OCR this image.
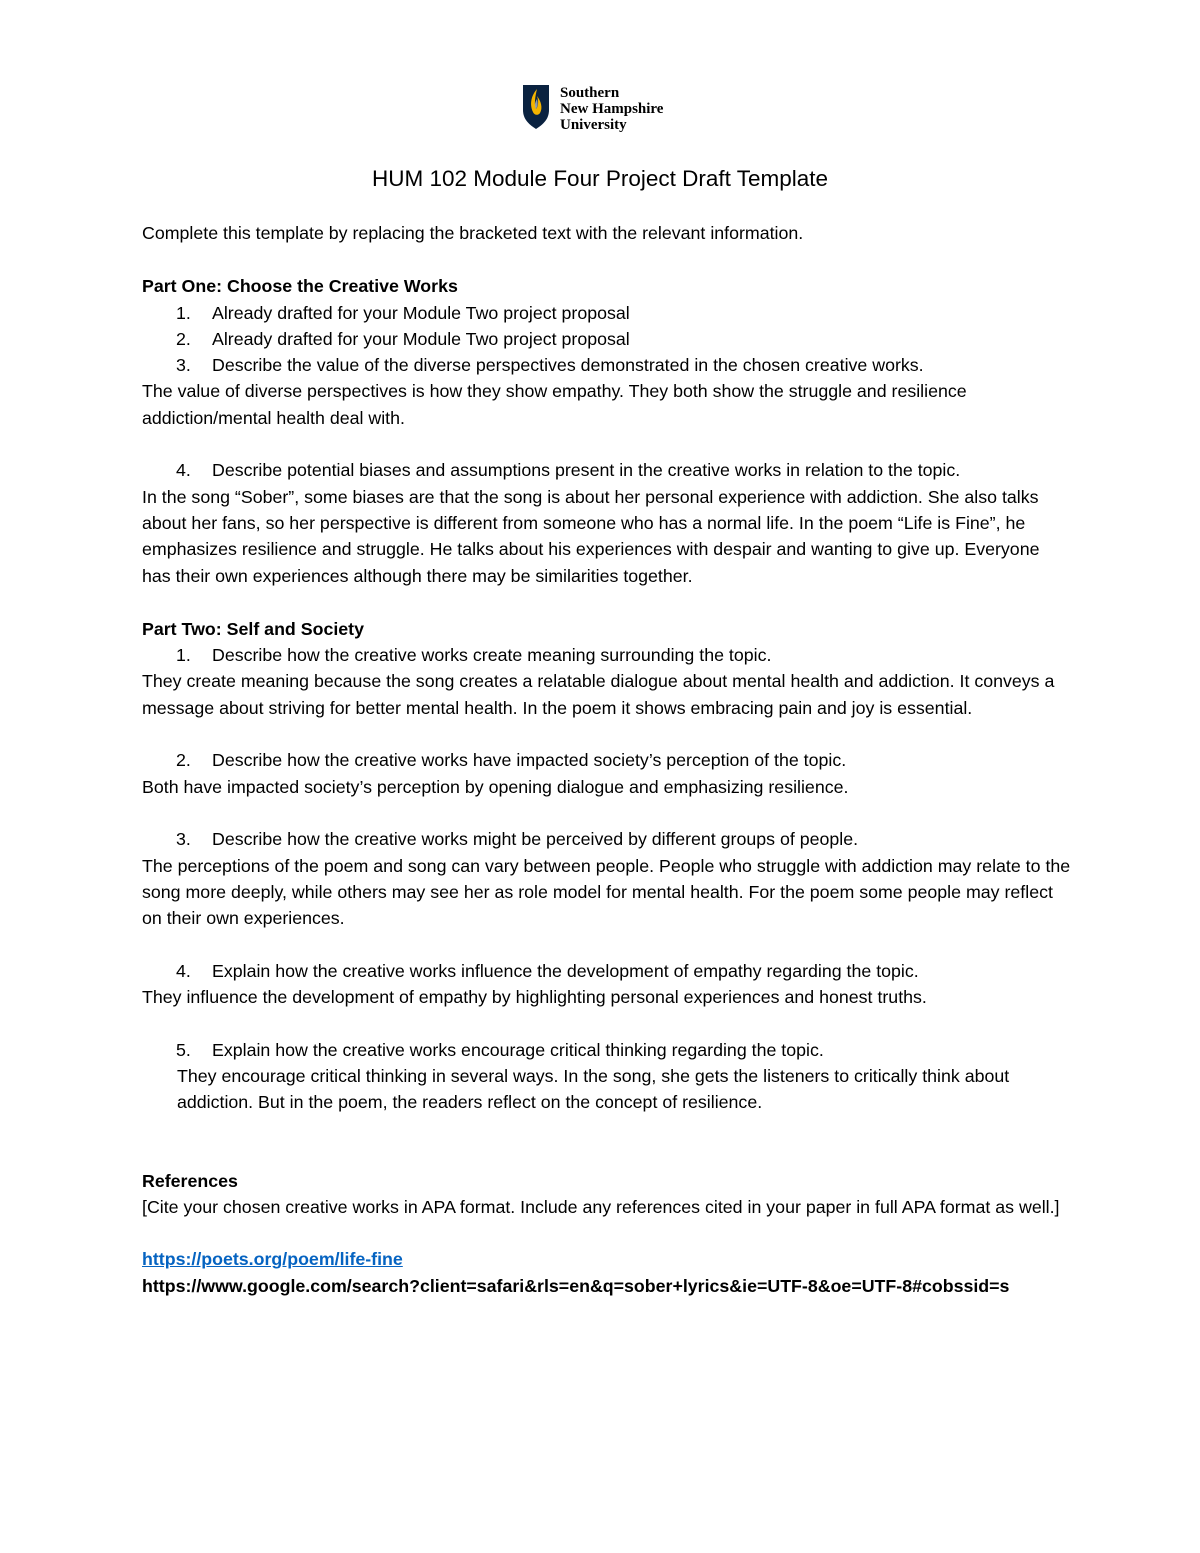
Southern
New Hampshire
University
HUM 102 Module Four Project Draft Template

Complete this template by replacing the bracketed text with the relevant information.

Part One: Choose the Creative Works

1. Already drafted for your Module Two project proposal

2. Already drafted for your Module Two project proposal

3. Describe the value of the diverse perspectives demonstrated in the chosen creative works.

The value of diverse perspectives is how they show empathy. They both show the struggle and resilience addiction/mental health deal with.

4. Describe potential biases and assumptions present in the creative works in relation to the topic.

In the song “Sober”, some biases are that the song is about her personal experience with addiction. She also talks about her fans, so her perspective is different from someone who has a normal life. In the poem “Life is Fine”, he emphasizes resilience and struggle. He talks about his experiences with despair and wanting to give up. Everyone has their own experiences although there may be similarities together.

Part Two: Self and Society

1. Describe how the creative works create meaning surrounding the topic.

They create meaning because the song creates a relatable dialogue about mental health and addiction. It conveys a message about striving for better mental health. In the poem it shows embracing pain and joy is essential.

2. Describe how the creative works have impacted society’s perception of the topic.

Both have impacted society’s perception by opening dialogue and emphasizing resilience.

3. Describe how the creative works might be perceived by different groups of people.

The perceptions of the poem and song can vary between people. People who struggle with addiction may relate to the song more deeply, while others may see her as role model for mental health. For the poem some people may reflect on their own experiences.

4. Explain how the creative works influence the development of empathy regarding the topic.

They influence the development of empathy by highlighting personal experiences and honest truths.

5. Explain how the creative works encourage critical thinking regarding the topic.

They encourage critical thinking in several ways. In the song, she gets the listeners to critically think about addiction. But in the poem, the readers reflect on the concept of resilience.

References

[Cite your chosen creative works in APA format. Include any references cited in your paper in full APA format as well.]

https://poets.org/poem/life-fine

https://www.google.com/search?client=safari&rls=en&q=sober+lyrics&ie=UTF-8&oe=UTF-8#cobssid=s
